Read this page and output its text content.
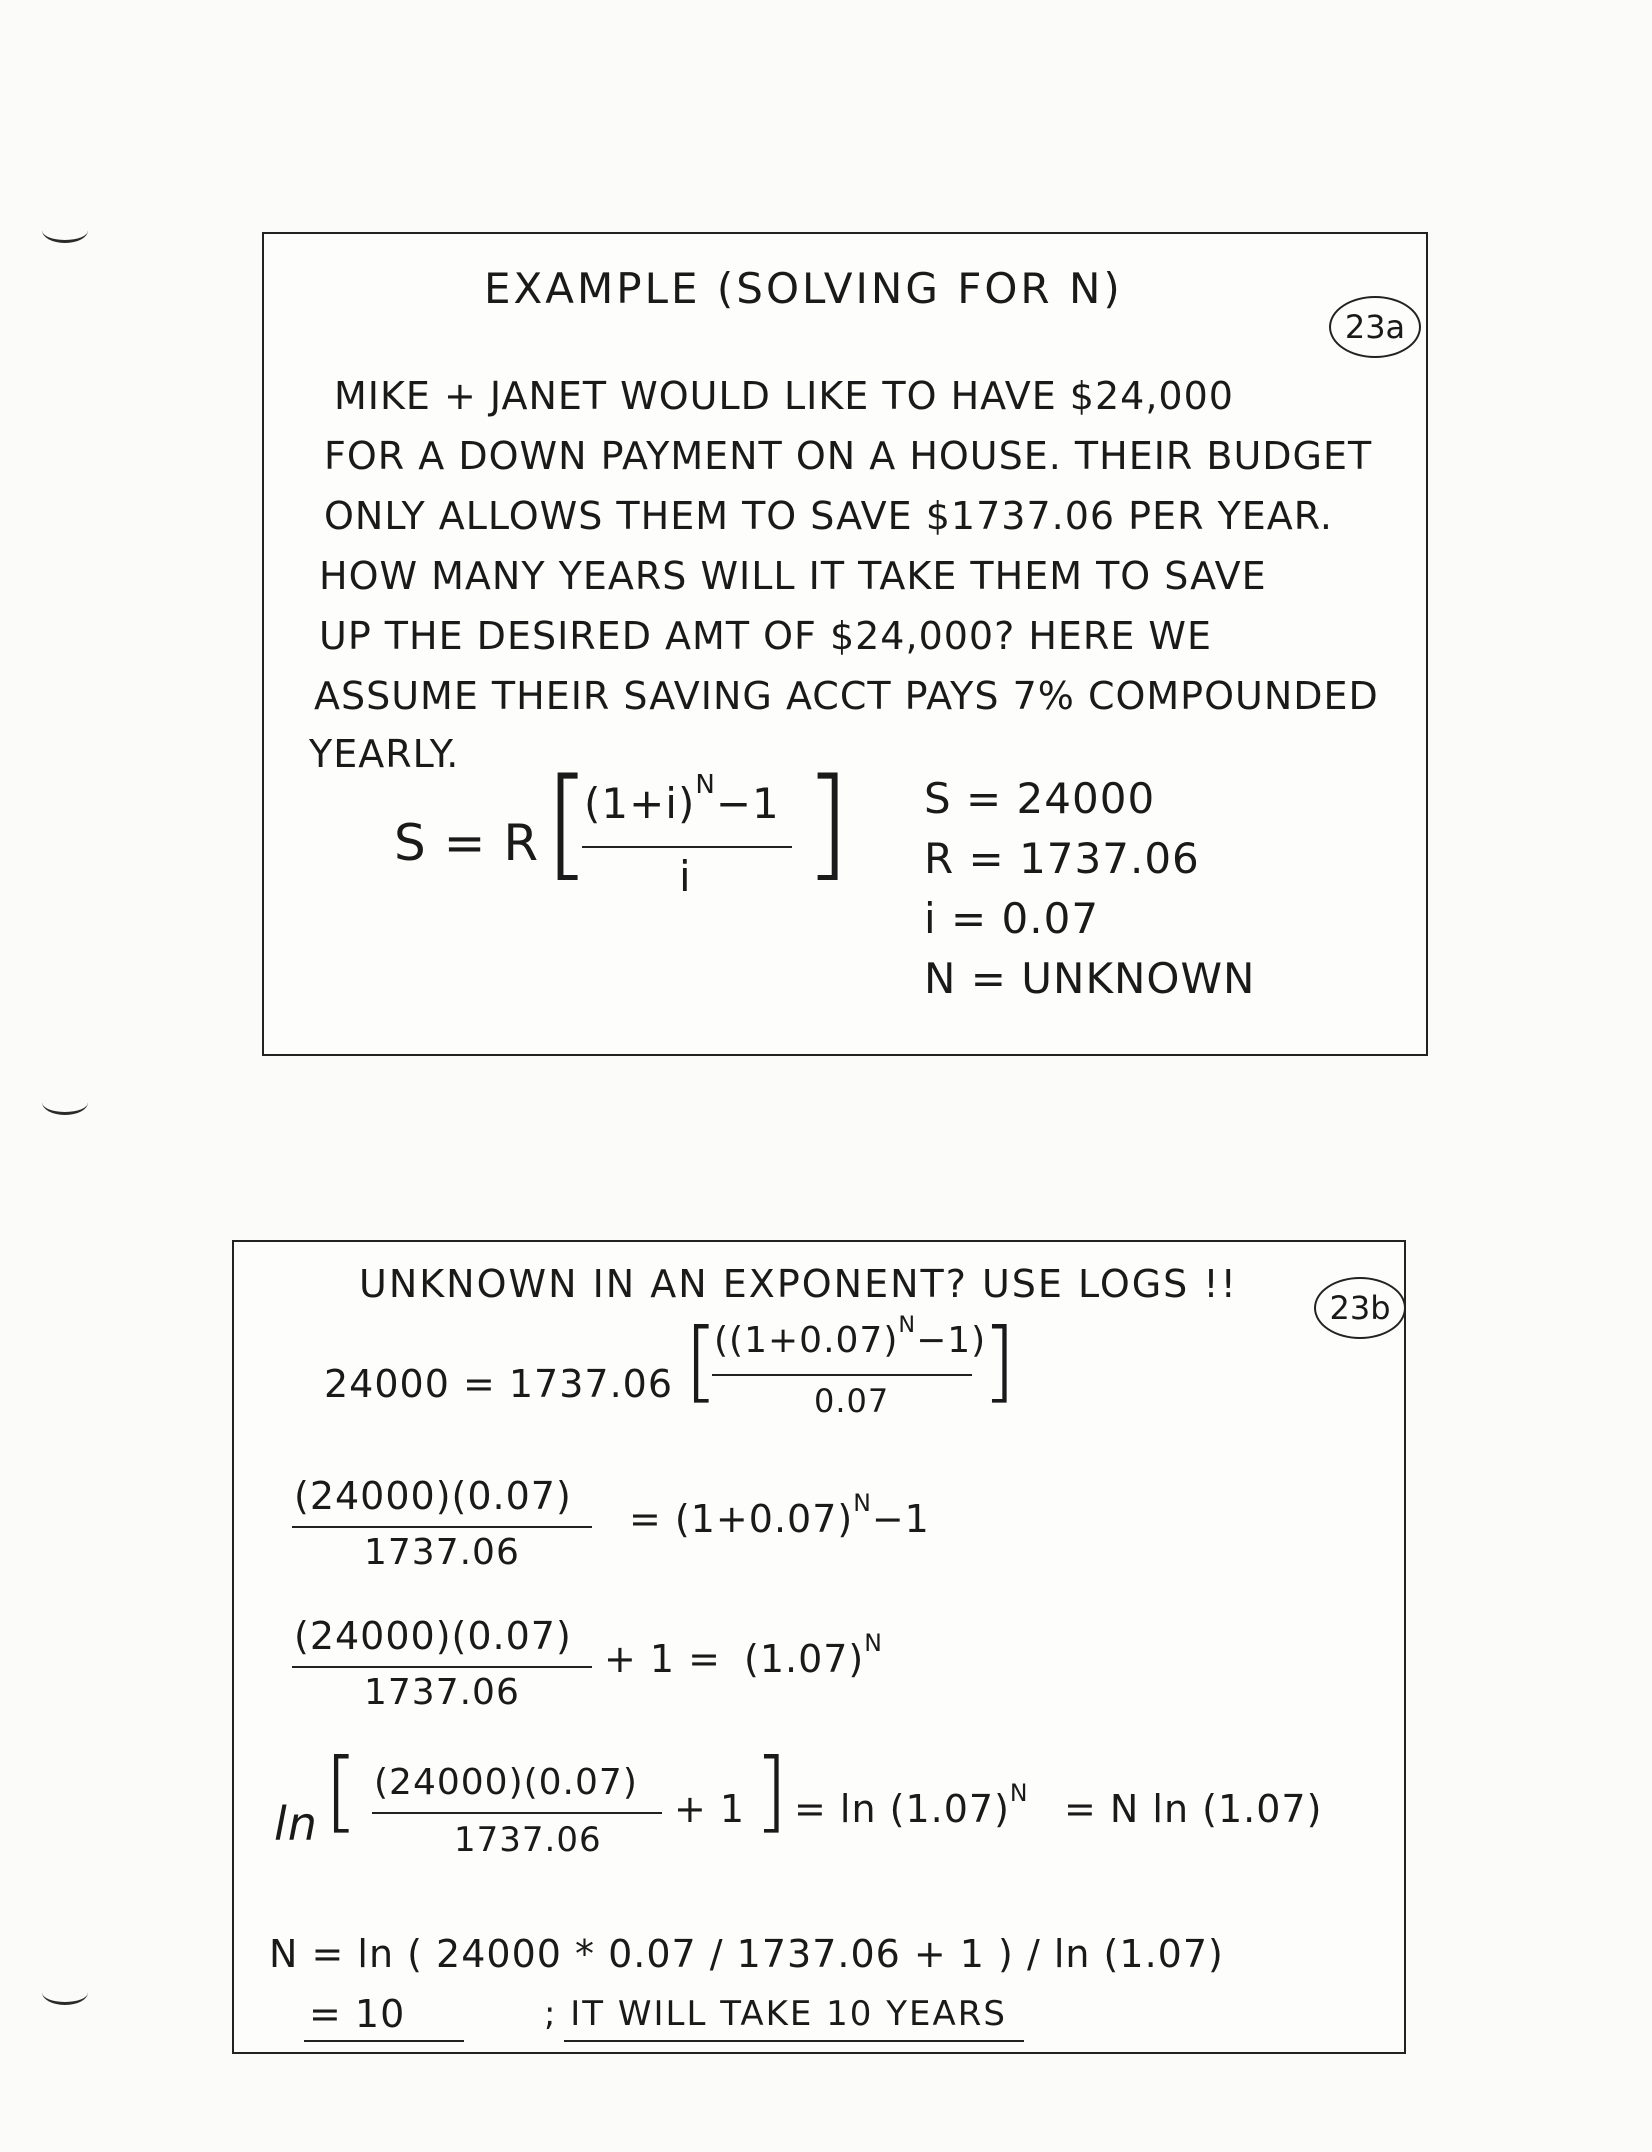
EXAMPLE (SOLVING FOR N)
23a
MIKE + JANET WOULD LIKE TO HAVE $24,000
FOR A DOWN PAYMENT ON A HOUSE. THEIR BUDGET
ONLY ALLOWS THEM TO SAVE $1737.06 PER YEAR.
HOW MANY YEARS WILL IT TAKE THEM TO SAVE
UP THE DESIRED AMT OF $24,000? HERE WE
ASSUME THEIR SAVING ACCT PAYS 7% COMPOUNDED
YEARLY.
S = R [
$(1+i)^N-1$
i ] S = 24000
R = 1737.06
i = 0.07
N = UNKNOWN
UNKNOWN IN AN EXPONENT? USE LOGS !!
23b
24000 = 1737.06 [
$((1+0.07)^N-1)$
0.07 ]
(24000)(0.07)
1737.06
= $(1+0.07)^N-1$
(24000)(0.07)
1737.06
+ $1 = (1.07)^N$
ln [ (24000)(0.07)
1737.06
+ 1 ] = $\ln (1.07)^N = N$ ln (1.07)
N = ln ( 24000 * 0.07 / 1737.06 + 1 ) / ln (1.07)
= 10	; IT WILL TAKE 10 YEARS
